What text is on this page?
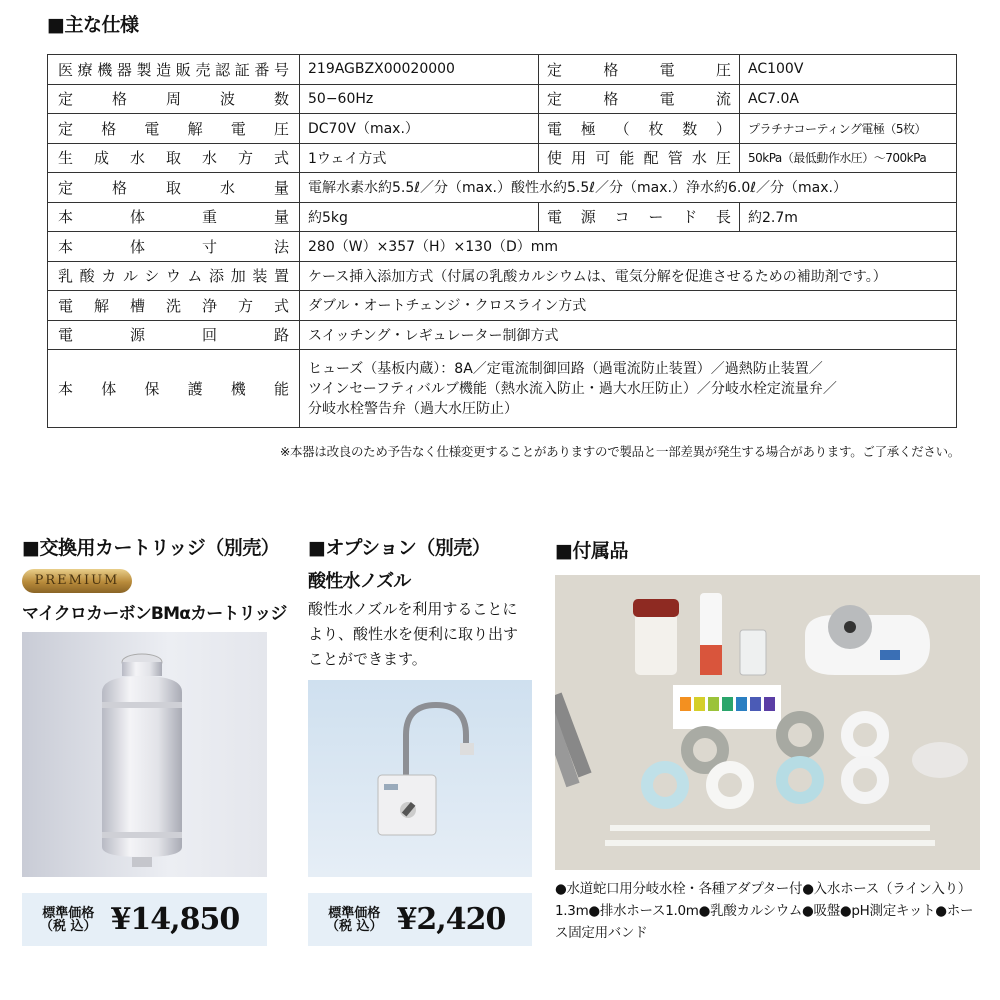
■主な仕様
医療機器製造販売認証番号	219AGBZX00020000	定格電圧	AC100V
定格周波数	50−60Hz	定格電流	AC7.0A
定格電解電圧	DC70V（max.）	電極（枚数）	プラチナコーティング電極（5枚）
生成水取水方式	1ウェイ方式	使用可能配管水圧	50kPa（最低動作水圧）〜700kPa
定格取水量	電解水素水約5.5ℓ／分（max.）酸性水約5.5ℓ／分（max.）浄水約6.0ℓ／分（max.）		
本体重量	約5kg	電源コード長	約2.7m
本体寸法	280（W）×357（H）×130（D）mm		
乳酸カルシウム添加装置	ケース挿入添加方式（付属の乳酸カルシウムは、電気分解を促進させるための補助剤です。）		
電解槽洗浄方式	ダブル・オートチェンジ・クロスライン方式		
電源回路	スイッチング・レギュレーター制御方式		
本体保護機能	ヒューズ（基板内蔵）：8A／定電流制御回路（過電流防止装置）／過熱防止装置／
ツインセーフティバルブ機能（熱水流入防止・過大水圧防止）／分岐水栓定流量弁／
分岐水栓警告弁（過大水圧防止）		
※本器は改良のため予告なく仕様変更することがありますので製品と一部差異が発生する場合があります。ご了承ください。
■交換用カートリッジ（別売）
PREMIUM
マイクロカーボンBMαカートリッジ
標準価格
（税 込） ¥14,850
■オプション（別売）
酸性水ノズル
酸性水ノズルを利用することに
より、酸性水を便利に取り出す
ことができます。
標準価格
（税 込） ¥2,420
■付属品
●水道蛇口用分岐水栓・各種アダプター付●入水ホース（ライン入り）1.3m●排水ホース1.0m●乳酸カルシウム●吸盤●pH測定キット●ホース固定用バンド
